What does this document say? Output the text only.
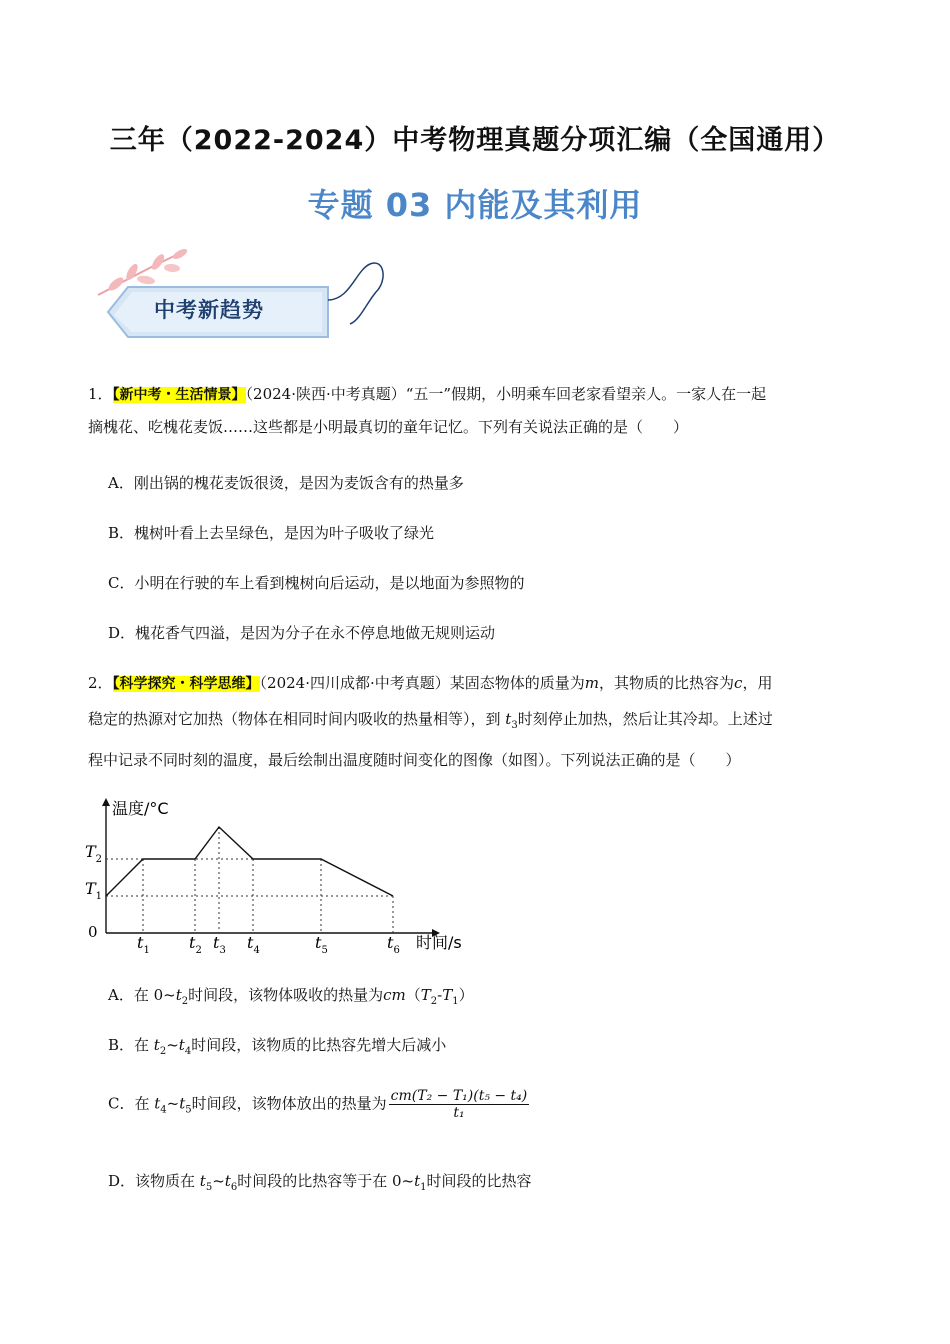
三年（2022-2024）中考物理真题分项汇编（全国通用）
专题 03 内能及其利用
中考新趋势
1．【新中考・生活情景】（2024·陕西·中考真题）“五一”假期，小明乘车回老家看望亲人。一家人在一起
摘槐花、吃槐花麦饭……这些都是小明最真切的童年记忆。下列有关说法正确的是（　　）
A．刚出锅的槐花麦饭很烫，是因为麦饭含有的热量多
B．槐树叶看上去呈绿色，是因为叶子吸收了绿光
C．小明在行驶的车上看到槐树向后运动，是以地面为参照物的
D．槐花香气四溢，是因为分子在永不停息地做无规则运动
2．【科学探究・科学思维】（2024·四川成都·中考真题）某固态物体的质量为m，其物质的比热容为c，用
稳定的热源对它加热（物体在相同时间内吸收的热量相等），到 $t_3$时刻停止加热，然后让其冷却。上述过
程中记录不同时刻的温度，最后绘制出温度随时间变化的图像（如图）。下列说法正确的是（　　）
温度/°C
时间/s
0
$t_1$ $t_2$ $t_3$ $t_4$	$t_5$	$t_6$
$T_1$
$T_2$
A．在 $0\sim t_2$时间段，该物体吸收的热量为$cm(T_2-T_1)$
B．在 $t_2\sim t_4$时间段，该物质的比热容先增大后减小
C．在 $t_4\sim t_5$时间段，该物体放出的热量为 $\frac{\text{cm(T₂ − T₁)(t₅ − t₄)}}{\text{t₁}}$
D．该物质在 $t_5\sim t_6$时间段的比热容等于在 $0\sim t_1$时间段的比热容
